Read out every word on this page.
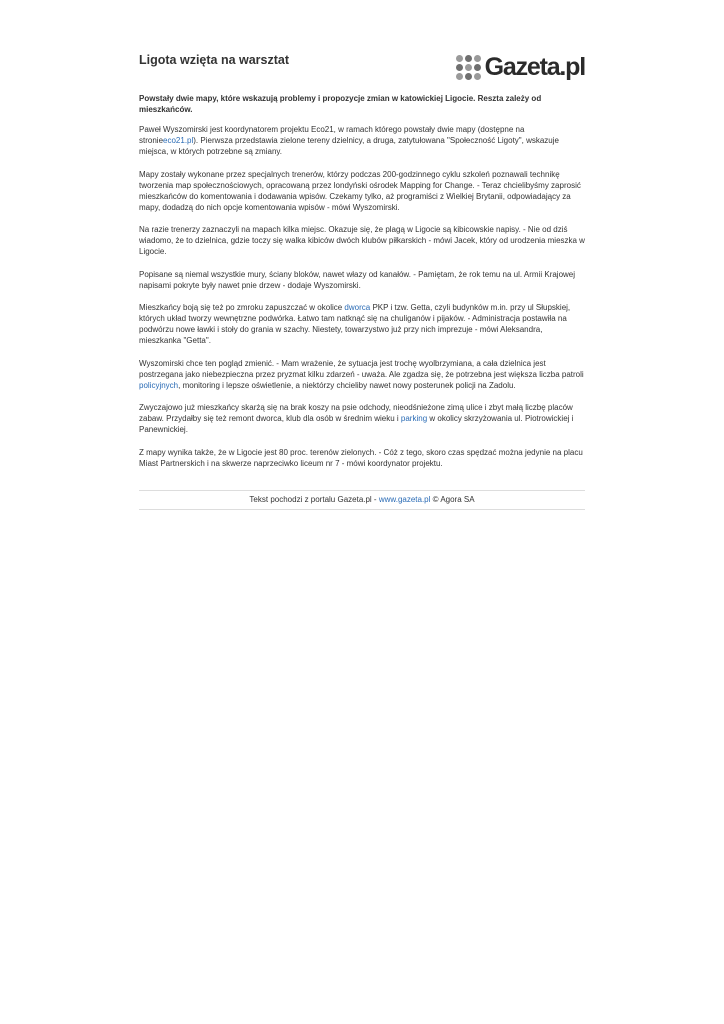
Ligota wzięta na warsztat	Gazeta.pl

Powstały dwie mapy, które wskazują problemy i propozycje zmian w katowickiej Ligocie. Reszta zależy od mieszkańców.

Paweł Wyszomirski jest koordynatorem projektu Eco21, w ramach którego powstały dwie mapy (dostępne na stronieeco21.pl). Pierwsza przedstawia zielone tereny dzielnicy, a druga, zatytułowana "Społeczność Ligoty", wskazuje miejsca, w których potrzebne są zmiany.

Mapy zostały wykonane przez specjalnych trenerów, którzy podczas 200-godzinnego cyklu szkoleń poznawali technikę tworzenia map społecznościowych, opracowaną przez londyński ośrodek Mapping for Change. - Teraz chcielibyśmy zaprosić mieszkańców do komentowania i dodawania wpisów. Czekamy tylko, aż programiści z Wielkiej Brytanii, odpowiadający za mapy, dodadzą do nich opcje komentowania wpisów - mówi Wyszomirski.

Na razie trenerzy zaznaczyli na mapach kilka miejsc. Okazuje się, że plagą w Ligocie są kibicowskie napisy. - Nie od dziś wiadomo, że to dzielnica, gdzie toczy się walka kibiców dwóch klubów piłkarskich - mówi Jacek, który od urodzenia mieszka w Ligocie.

Popisane są niemal wszystkie mury, ściany bloków, nawet włazy od kanałów. - Pamiętam, że rok temu na ul. Armii Krajowej napisami pokryte były nawet pnie drzew - dodaje Wyszomirski.

Mieszkańcy boją się też po zmroku zapuszczać w okolice dworca PKP i tzw. Getta, czyli budynków m.in. przy ul Słupskiej, których układ tworzy wewnętrzne podwórka. Łatwo tam natknąć się na chuliganów i pijaków. - Administracja postawiła na podwórzu nowe ławki i stoły do grania w szachy. Niestety, towarzystwo już przy nich imprezuje - mówi Aleksandra, mieszkanka "Getta".

Wyszomirski chce ten pogląd zmienić. - Mam wrażenie, że sytuacja jest trochę wyolbrzymiana, a cała dzielnica jest postrzegana jako niebezpieczna przez pryzmat kilku zdarzeń - uważa. Ale zgadza się, że potrzebna jest większa liczba patroli policyjnych, monitoring i lepsze oświetlenie, a niektórzy chcieliby nawet nowy posterunek policji na Zadolu.

Zwyczajowo już mieszkańcy skarżą się na brak koszy na psie odchody, nieodśnieżone zimą ulice i zbyt małą liczbę placów zabaw. Przydałby się też remont dworca, klub dla osób w średnim wieku i parking w okolicy skrzyżowania ul. Piotrowickiej i Panewnickiej.

Z mapy wynika także, że w Ligocie jest 80 proc. terenów zielonych. - Cóż z tego, skoro czas spędzać można jedynie na placu Miast Partnerskich i na skwerze naprzeciwko liceum nr 7 - mówi koordynator projektu.

Tekst pochodzi z portalu Gazeta.pl - www.gazeta.pl © Agora SA
